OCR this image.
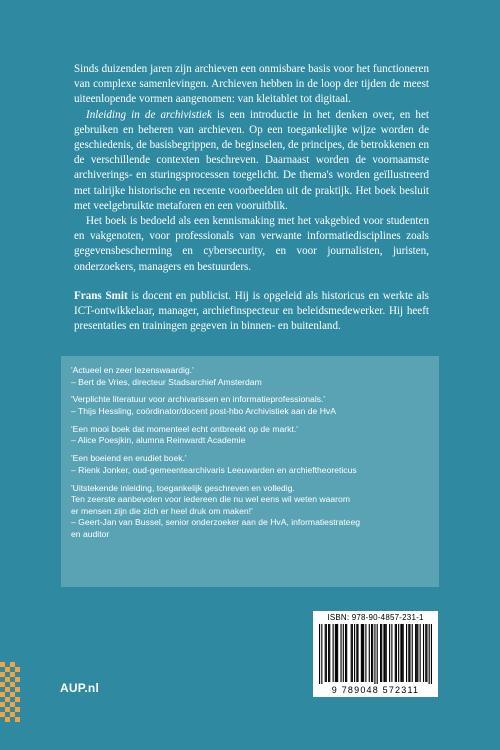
Sinds duizenden jaren zijn archieven een onmisbare basis voor het functioneren van complexe samenlevingen. Archieven hebben in de loop der tijden de meest uiteenlopende vormen aangenomen: van kleitablet tot digitaal.

Inleiding in de archivistiek is een introductie in het denken over, en het gebruiken en beheren van archieven. Op een toegankelijke wijze worden de geschiedenis, de basisbegrippen, de beginselen, de principes, de betrokkenen en de verschillende contexten beschreven. Daarnaast worden de voornaamste archiverings- en sturingsprocessen toegelicht. De thema's worden geïllustreerd met talrijke historische en recente voorbeelden uit de praktijk. Het boek besluit met veelgebruikte metaforen en een vooruitblik.

Het boek is bedoeld als een kennismaking met het vakgebied voor studenten en vakgenoten, voor professionals van verwante informatiedisciplines zoals gegevensbescherming en cybersecurity, en voor journalisten, juristen, onderzoekers, managers en bestuurders.

Frans Smit is docent en publicist. Hij is opgeleid als historicus en werkte als ICT-ontwikkelaar, manager, archiefinspecteur en beleidsmedewerker. Hij heeft presentaties en trainingen gegeven in binnen- en buitenland.

'Actueel en zeer lezenswaardig.'
– Bert de Vries, directeur Stadsarchief Amsterdam
'Verplichte literatuur voor archivarissen en informatieprofessionals.'
– Thijs Hessling, coördinator/docent post-hbo Archivistiek aan de HvA
'Een mooi boek dat momenteel echt ontbreekt op de markt.'
– Alice Poesjkin, alumna Reinwardt Academie
'Een boeiend en erudiet boek.'
– Rienk Jonker, oud-gemeentearchivaris Leeuwarden en archieftheoreticus
'Uitstekende inleiding, toegankelijk geschreven en volledig.
Ten zeerste aanbevolen voor iedereen die nu wel eens wil weten waarom
er mensen zijn die zich er heel druk om maken!'
– Geert-Jan van Bussel, senior onderzoeker aan de HvA, informatiestrateeg
en auditor
ISBN: 978-90-4857-231-1
9 789048 572311
AUP.nl
